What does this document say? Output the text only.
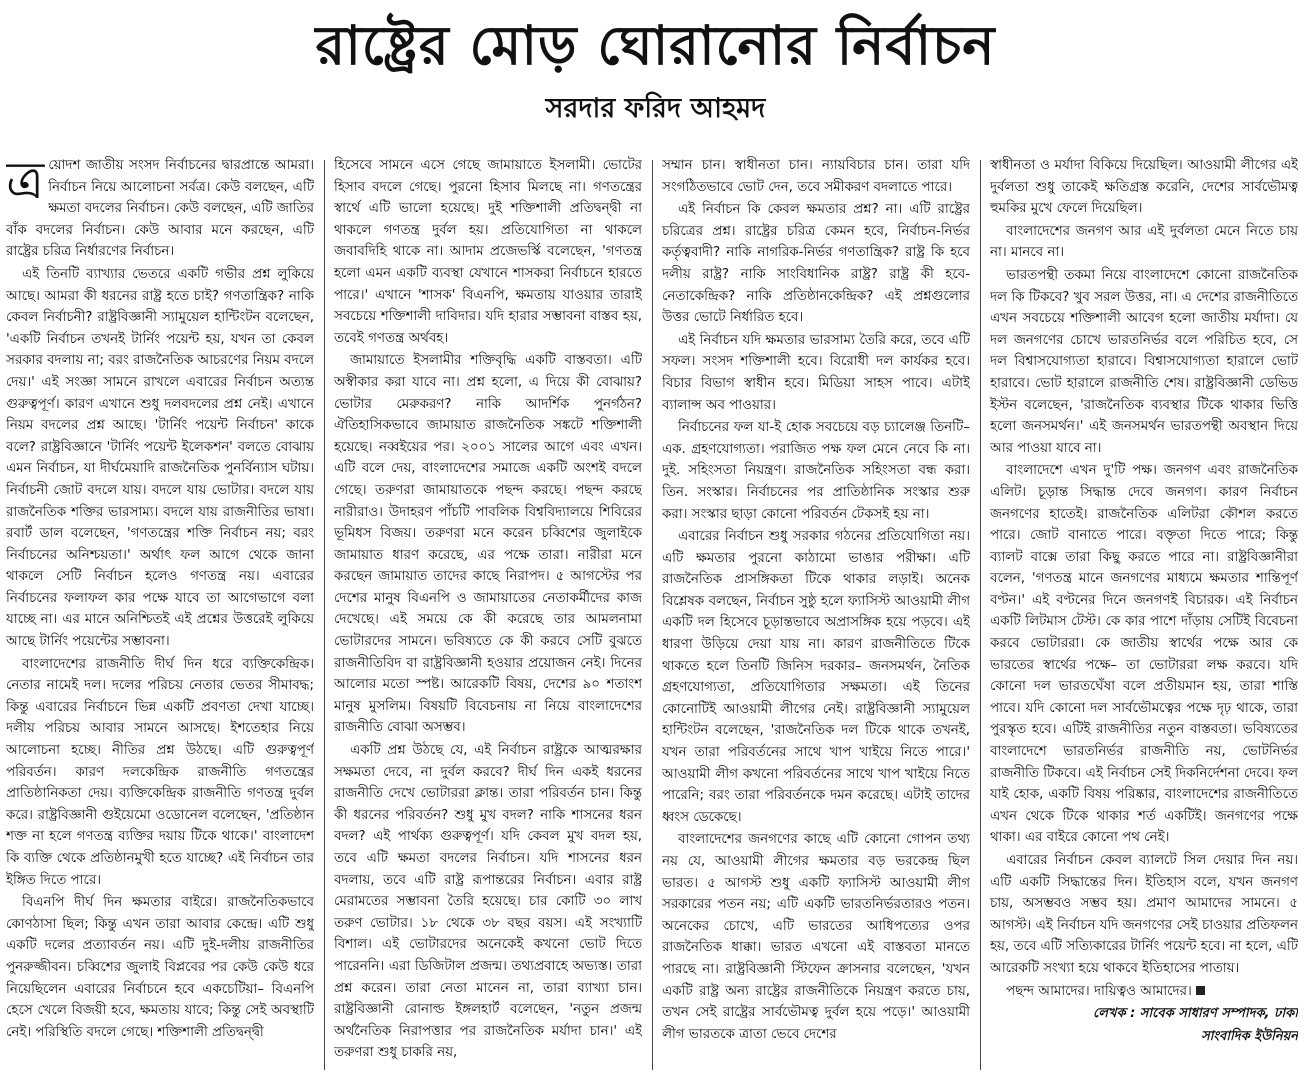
রাষ্ট্রের মোড় ঘোরানোর নির্বাচন
সরদার ফরিদ আহমদ

ত্র য়োদশ জাতীয় সংসদ নির্বাচনের দ্বারপ্রান্তে আমরা। নির্বাচন নিয়ে আলোচনা সর্বত্র। কেউ বলছেন, এটি ক্ষমতা বদলের নির্বাচন। কেউ বলছেন, এটি জাতির বাঁক বদলের নির্বাচন। কেউ আবার মনে করছেন, এটি রাষ্ট্রের চরিত্র নির্ধারণের নির্বাচন।

এই তিনটি ব্যাখ্যার ভেতরে একটি গভীর প্রশ্ন লুকিয়ে আছে। আমরা কী ধরনের রাষ্ট্র হতে চাই? গণতান্ত্রিক? নাকি কেবল নির্বাচনী? রাষ্ট্রবিজ্ঞানী স্যামুয়েল হান্টিংটন বলেছেন, 'একটি নির্বাচন তখনই টার্নিং পয়েন্ট হয়, যখন তা কেবল সরকার বদলায় না; বরং রাজনৈতিক আচরণের নিয়ম বদলে দেয়।' এই সংজ্ঞা সামনে রাখলে এবারের নির্বাচন অত্যন্ত গুরুত্বপূর্ণ। কারণ এখানে শুধু দলবদলের প্রশ্ন নেই। এখানে নিয়ম বদলের প্রশ্ন আছে। 'টার্নিং পয়েন্ট নির্বাচন' কাকে বলে? রাষ্ট্রবিজ্ঞানে 'টার্নিং পয়েন্ট ইলেকশন' বলতে বোঝায় এমন নির্বাচন, যা দীর্ঘমেয়াদি রাজনৈতিক পুনর্বিন্যাস ঘটায়। নির্বাচনী জোট বদলে যায়। বদলে যায় ভোটার। বদলে যায় রাজনৈতিক শক্তির ভারসাম্য। বদলে যায় রাজনীতির ভাষা। রবার্ট ডাল বলেছেন, 'গণতন্ত্রের শক্তি নির্বাচন নয়; বরং নির্বাচনের অনিশ্চয়তা।' অর্থাৎ ফল আগে থেকে জানা থাকলে সেটি নির্বাচন হলেও গণতন্ত্র নয়। এবারের নির্বাচনের ফলাফল কার পক্ষে যাবে তা আগেভাগে বলা যাচ্ছে না। এর মানে অনিশ্চিতই এই প্রশ্নের উত্তরেই লুকিয়ে আছে টার্নিং পয়েন্টের সম্ভাবনা।

বাংলাদেশের রাজনীতি দীর্ঘ দিন ধরে ব্যক্তিকেন্দ্রিক। নেতার নামেই দল। দলের পরিচয় নেতার ভেতর সীমাবদ্ধ; কিন্তু এবারের নির্বাচনে ভিন্ন একটি প্রবণতা দেখা যাচ্ছে। দলীয় পরিচয় আবার সামনে আসছে। ইশতেহার নিয়ে আলোচনা হচ্ছে। নীতির প্রশ্ন উঠছে। এটি গুরুত্বপূর্ণ পরিবর্তন। কারণ দলকেন্দ্রিক রাজনীতি গণতন্ত্রের প্রাতিষ্ঠানিকতা দেয়। ব্যক্তিকেন্দ্রিক রাজনীতি গণতন্ত্র দুর্বল করে। রাষ্ট্রবিজ্ঞানী গুইয়েমো ওডোনেল বলেছেন, 'প্রতিষ্ঠান শক্ত না হলে গণতন্ত্র ব্যক্তির দয়ায় টিকে থাকে।' বাংলাদেশ কি ব্যক্তি থেকে প্রতিষ্ঠানমুখী হতে যাচ্ছে? এই নির্বাচন তার ইঙ্গিত দিতে পারে।

বিএনপি দীর্ঘ দিন ক্ষমতার বাইরে। রাজনৈতিকভাবে কোণঠাসা ছিল; কিন্তু এখন তারা আবার কেন্দ্রে। এটি শুধু একটি দলের প্রত্যাবর্তন নয়। এটি দুই-দলীয় রাজনীতির পুনরুজ্জীবন। চব্বিশের জুলাই বিপ্লবের পর কেউ কেউ ধরে নিয়েছিলেন এবারের নির্বাচনে হবে একচেটিয়া– বিএনপি হেসে খেলে বিজয়ী হবে, ক্ষমতায় যাবে; কিন্তু সেই অবস্থাটি নেই। পরিস্থিতি বদলে গেছে। শক্তিশালী প্রতিদ্বন্দ্বী

হিসেবে সামনে এসে গেছে জামায়াতে ইসলামী। ভোটের হিসাব বদলে গেছে। পুরনো হিসাব মিলছে না। গণতন্ত্রের স্বার্থে এটি ভালো হয়েছে। দুই শক্তিশালী প্রতিদ্বন্দ্বী না থাকলে গণতন্ত্র দুর্বল হয়। প্রতিযোগিতা না থাকলে জবাবদিহি থাকে না। আদাম প্রজেভর্স্কি বলেছেন, 'গণতন্ত্র হলো এমন একটি ব্যবস্থা যেখানে শাসকরা নির্বাচনে হারতে পারে।' এখানে 'শাসক' বিএনপি, ক্ষমতায় যাওয়ার তারাই সবচেয়ে শক্তিশালী দাবিদার। যদি হারার সম্ভাবনা বাস্তব হয়, তবেই গণতন্ত্র অর্থবহ।

জামায়াতে ইসলামীর শক্তিবৃদ্ধি একটি বাস্তবতা। এটি অস্বীকার করা যাবে না। প্রশ্ন হলো, এ দিয়ে কী বোঝায়? ভোটার মেরুকরণ? নাকি আদর্শিক পুনর্গঠন? ঐতিহাসিকভাবে জামায়াত রাজনৈতিক সঙ্কটে শক্তিশালী হয়েছে। নব্বইয়ের পর। ২০০১ সালের আগে এবং এখন। এটি বলে দেয়, বাংলাদেশের সমাজে একটি অংশই বদলে গেছে। তরুণরা জামায়াতকে পছন্দ করছে। পছন্দ করছে নারীরাও। উদাহরণ পাঁচটি পাবলিক বিশ্ববিদ্যালয়ে শিবিরের ভূমিধস বিজয়। তরুণরা মনে করেন চব্বিশের জুলাইকে জামায়াত ধারণ করেছে, এর পক্ষে তারা। নারীরা মনে করছেন জামায়াত তাদের কাছে নিরাপদ। ৫ আগস্টের পর দেশের মানুষ বিএনপি ও জামায়াতের নেতাকর্মীদের কাজ দেখেছে। এই সময়ে কে কী করেছে তার আমলনামা ভোটারদের সামনে। ভবিষ্যতে কে কী করবে সেটি বুঝতে রাজনীতিবিদ বা রাষ্ট্রবিজ্ঞানী হওয়ার প্রয়োজন নেই। দিনের আলোর মতো স্পষ্ট। আরেকটি বিষয়, দেশের ৯০ শতাংশ মানুষ মুসলিম। বিষয়টি বিবেচনায় না নিয়ে বাংলাদেশের রাজনীতি বোঝা অসম্ভব।

একটি প্রশ্ন উঠছে যে, এই নির্বাচন রাষ্ট্রকে আত্মরক্ষার সক্ষমতা দেবে, না দুর্বল করবে? দীর্ঘ দিন একই ধরনের রাজনীতি দেখে ভোটাররা ক্লান্ত। তারা পরিবর্তন চান। কিন্তু কী ধরনের পরিবর্তন? শুধু মুখ বদল? নাকি শাসনের ধরন বদল? এই পার্থক্য গুরুত্বপূর্ণ। যদি কেবল মুখ বদল হয়, তবে এটি ক্ষমতা বদলের নির্বাচন। যদি শাসনের ধরন বদলায়, তবে এটি রাষ্ট্র রূপান্তরের নির্বাচন। এবার রাষ্ট্র মেরামতের সম্ভাবনা তৈরি হয়েছে। চার কোটি ৩০ লাখ তরুণ ভোটার। ১৮ থেকে ৩৮ বছর বয়স। এই সংখ্যাটি বিশাল। এই ভোটারদের অনেকেই কখনো ভোট দিতে পারেননি। এরা ডিজিটাল প্রজন্ম। তথ্যপ্রবাহে অভ্যস্ত। তারা প্রশ্ন করেন। তারা নেতা মানেন না, তারা ব্যাখ্যা চান। রাষ্ট্রবিজ্ঞানী রোনাল্ড ইঙ্গলহার্ট বলেছেন, 'নতুন প্রজন্ম অর্থনৈতিক নিরাপত্তার পর রাজনৈতিক মর্যাদা চান।' এই তরুণরা শুধু চাকরি নয়,

সম্মান চান। স্বাধীনতা চান। ন্যায়বিচার চান। তারা যদি সংগঠিতভাবে ভোট দেন, তবে সমীকরণ বদলাতে পারে।

এই নির্বাচন কি কেবল ক্ষমতার প্রশ্ন? না। এটি রাষ্ট্রের চরিত্রের প্রশ্ন। রাষ্ট্রের চরিত্র কেমন হবে, নির্বাচন-নির্ভর কর্তৃত্ববাদী? নাকি নাগরিক-নির্ভর গণতান্ত্রিক? রাষ্ট্র কি হবে দলীয় রাষ্ট্র? নাকি সাংবিধানিক রাষ্ট্র? রাষ্ট্র কী হবে-নেতাকেন্দ্রিক? নাকি প্রতিষ্ঠানকেন্দ্রিক? এই প্রশ্নগুলোর উত্তর ভোটে নির্ধারিত হবে।

এই নির্বাচন যদি ক্ষমতার ভারসাম্য তৈরি করে, তবে এটি সফল। সংসদ শক্তিশালী হবে। বিরোধী দল কার্যকর হবে। বিচার বিভাগ স্বাধীন হবে। মিডিয়া সাহস পাবে। এটাই ব্যালান্স অব পাওয়ার।

নির্বাচনের ফল যা-ই হোক সবচেয়ে বড় চ্যালেঞ্জ তিনটি– এক. গ্রহণযোগ্যতা। পরাজিত পক্ষ ফল মেনে নেবে কি না। দুই. সহিংসতা নিয়ন্ত্রণ। রাজনৈতিক সহিংসতা বন্ধ করা। তিন. সংস্কার। নির্বাচনের পর প্রাতিষ্ঠানিক সংস্কার শুরু করা। সংস্কার ছাড়া কোনো পরিবর্তন টেকসই হয় না।

এবারের নির্বাচন শুধু সরকার গঠনের প্রতিযোগিতা নয়। এটি ক্ষমতার পুরনো কাঠামো ভাঙার পরীক্ষা। এটি রাজনৈতিক প্রাসঙ্গিকতা টিকে থাকার লড়াই। অনেক বিশ্লেষক বলছেন, নির্বাচন সুষ্ঠু হলে ফ্যাসিস্ট আওয়ামী লীগ একটি দল হিসেবে চূড়ান্তভাবে অপ্রাসঙ্গিক হয়ে পড়বে। এই ধারণা উড়িয়ে দেয়া যায় না। কারণ রাজনীতিতে টিকে থাকতে হলে তিনটি জিনিস দরকার– জনসমর্থন, নৈতিক গ্রহণযোগ্যতা, প্রতিযোগিতার সক্ষমতা। এই তিনের কোনোটিই আওয়ামী লীগের নেই। রাষ্ট্রবিজ্ঞানী স্যামুয়েল হান্টিংটন বলেছেন, 'রাজনৈতিক দল টিকে থাকে তখনই, যখন তারা পরিবর্তনের সাথে খাপ খাইয়ে নিতে পারে।' আওয়ামী লীগ কখনো পরিবর্তনের সাথে খাপ খাইয়ে নিতে পারেনি; বরং তারা পরিবর্তনকে দমন করেছে। এটাই তাদের ধ্বংস ডেকেছে।

বাংলাদেশের জনগণের কাছে এটি কোনো গোপন তথ্য নয় যে, আওয়ামী লীগের ক্ষমতার বড় ভরকেন্দ্র ছিল ভারত। ৫ আগস্ট শুধু একটি ফ্যাসিস্ট আওয়ামী লীগ সরকারের পতন নয়; এটি একটি ভারতনির্ভরতারও পতন। অনেকের চোখে, এটি ভারতের আধিপত্যের ওপর রাজনৈতিক ধাক্কা। ভারত এখনো এই বাস্তবতা মানতে পারছে না। রাষ্ট্রবিজ্ঞানী স্টিফেন ক্রাসনার বলেছেন, 'যখন একটি রাষ্ট্র অন্য রাষ্ট্রের রাজনীতিকে নিয়ন্ত্রণ করতে চায়, তখন সেই রাষ্ট্রের সার্বভৌমত্ব দুর্বল হয়ে পড়ে।' আওয়ামী লীগ ভারতকে ত্রাতা ভেবে দেশের

স্বাধীনতা ও মর্যাদা বিকিয়ে দিয়েছিল। আওয়ামী লীগের এই দুর্বলতা শুধু তাকেই ক্ষতিগ্রস্ত করেনি, দেশের সার্বভৌমত্ব হুমকির মুখে ফেলে দিয়েছিল।

বাংলাদেশের জনগণ আর এই দুর্বলতা মেনে নিতে চায় না। মানবে না।

ভারতপন্থী তকমা নিয়ে বাংলাদেশে কোনো রাজনৈতিক দল কি টিকবে? খুব সরল উত্তর, না। এ দেশের রাজনীতিতে এখন সবচেয়ে শক্তিশালী আবেগ হলো জাতীয় মর্যাদা। যে দল জনগণের চোখে ভারতনির্ভর বলে পরিচিত হবে, সে দল বিশ্বাসযোগ্যতা হারাবে। বিশ্বাসযোগ্যতা হারালে ভোট হারাবে। ভোট হারালে রাজনীতি শেষ। রাষ্ট্রবিজ্ঞানী ডেভিড ইস্টন বলেছেন, 'রাজনৈতিক ব্যবস্থার টিকে থাকার ভিত্তি হলো জনসমর্থন।' এই জনসমর্থন ভারতপন্থী অবস্থান দিয়ে আর পাওয়া যাবে না।

বাংলাদেশে এখন দু'টি পক্ষ। জনগণ এবং রাজনৈতিক এলিট। চূড়ান্ত সিদ্ধান্ত দেবে জনগণ। কারণ নির্বাচন জনগণের হাতেই। রাজনৈতিক এলিটরা কৌশল করতে পারে। জোট বানাতে পারে। বক্তৃতা দিতে পারে; কিন্তু ব্যালট বাক্সে তারা কিছু করতে পারে না। রাষ্ট্রবিজ্ঞানীরা বলেন, 'গণতন্ত্র মানে জনগণের মাধ্যমে ক্ষমতার শান্তিপূর্ণ বণ্টন।' এই বণ্টনের দিনে জনগণই বিচারক। এই নির্বাচন একটি লিটমাস টেস্ট। কে কার পাশে দাঁড়ায় সেটিই বিবেচনা করবে ভোটাররা। কে জাতীয় স্বার্থের পক্ষে আর কে ভারতের স্বার্থের পক্ষে– তা ভোটাররা লক্ষ করবে। যদি কোনো দল ভারতঘেঁষা বলে প্রতীয়মান হয়, তারা শাস্তি পাবে। যদি কোনো দল সার্বভৌমত্বের পক্ষে দৃঢ় থাকে, তারা পুরস্কৃত হবে। এটিই রাজনীতির নতুন বাস্তবতা। ভবিষ্যতের বাংলাদেশে ভারতনির্ভর রাজনীতি নয়, ভোটনির্ভর রাজনীতি টিকবে। এই নির্বাচন সেই দিকনির্দেশনা দেবে। ফল যাই হোক, একটি বিষয় পরিষ্কার, বাংলাদেশের রাজনীতিতে এখন থেকে টিকে থাকার শর্ত একটিই। জনগণের পক্ষে থাকা। এর বাইরে কোনো পথ নেই।

এবারের নির্বাচন কেবল ব্যালটে সিল দেয়ার দিন নয়। এটি একটি সিদ্ধান্তের দিন। ইতিহাস বলে, যখন জনগণ চায়, অসম্ভবও সম্ভব হয়। প্রমাণ আমাদের সামনে। ৫ আগস্ট। এই নির্বাচন যদি জনগণের সেই চাওয়ার প্রতিফলন হয়, তবে এটি সত্যিকারের টার্নিং পয়েন্ট হবে। না হলে, এটি আরেকটি সংখ্যা হয়ে থাকবে ইতিহাসের পাতায়।

পছন্দ আমাদের। দায়িত্বও আমাদের।

লেখক : সাবেক সাধারণ সম্পাদক, ঢাকা

সাংবাদিক ইউনিয়ন
